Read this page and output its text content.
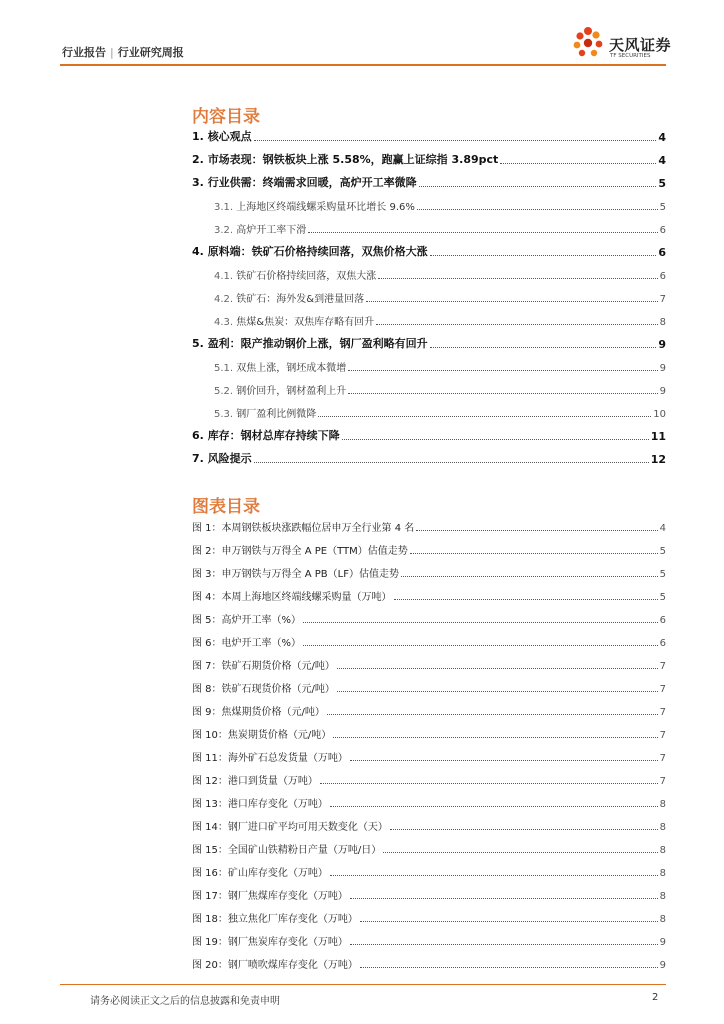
行业报告 | 行业研究周报	天风证券
TF SECURITIES
内容目录
1. 核心观点	4
2. 市场表现：钢铁板块上涨 5.58%，跑赢上证综指 3.89pct	4
3. 行业供需：终端需求回暖，高炉开工率微降	5
3.1. 上海地区终端线螺采购量环比增长 9.6%	5
3.2. 高炉开工率下滑	6
4. 原料端：铁矿石价格持续回落，双焦价格大涨	6
4.1. 铁矿石价格持续回落，双焦大涨	6
4.2. 铁矿石：海外发&到港量回落	7
4.3. 焦煤&焦炭：双焦库存略有回升	8
5. 盈利：限产推动钢价上涨，钢厂盈利略有回升	9
5.1. 双焦上涨，钢坯成本微增	9
5.2. 钢价回升，钢材盈利上升	9
5.3. 钢厂盈利比例微降	10
6. 库存：钢材总库存持续下降	11
7. 风险提示	12
图表目录
图 1：本周钢铁板块涨跌幅位居申万全行业第 4 名	4
图 2：申万钢铁与万得全 A PE（TTM）估值走势	5
图 3：申万钢铁与万得全 A PB（LF）估值走势	5
图 4：本周上海地区终端线螺采购量（万吨）	5
图 5：高炉开工率（%）	6
图 6：电炉开工率（%）	6
图 7：铁矿石期货价格（元/吨）	7
图 8：铁矿石现货价格（元/吨）	7
图 9：焦煤期货价格（元/吨）	7
图 10：焦炭期货价格（元/吨）	7
图 11：海外矿石总发货量（万吨）	7
图 12：港口到货量（万吨）	7
图 13：港口库存变化（万吨）	8
图 14：钢厂进口矿平均可用天数变化（天）	8
图 15：全国矿山铁精粉日产量（万吨/日）	8
图 16：矿山库存变化（万吨）	8
图 17：钢厂焦煤库存变化（万吨）	8
图 18：独立焦化厂库存变化（万吨）	8
图 19：钢厂焦炭库存变化（万吨）	9
图 20：钢厂喷吹煤库存变化（万吨）	9
请务必阅读正文之后的信息披露和免责申明	2
